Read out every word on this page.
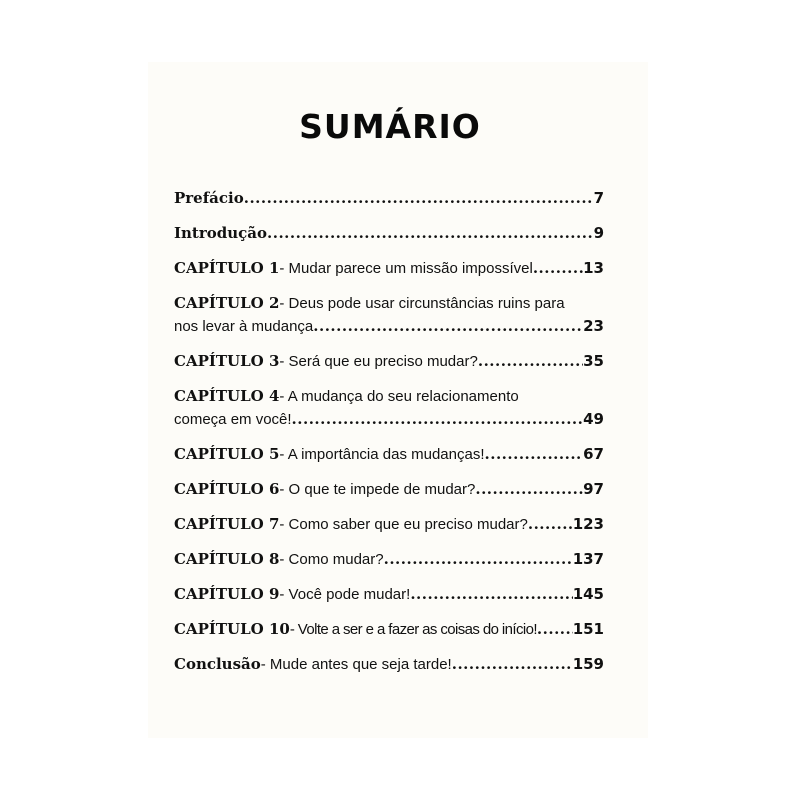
SUMÁRIO
Prefácio .....	7
Introdução .....	9
CAPÍTULO 1 - Mudar parece um missão impossível .....	13
CAPÍTULO 2 - Deus pode usar circunstâncias ruins para
nos levar à mudança .....	23
CAPÍTULO 3 - Será que eu preciso mudar? .....	35
CAPÍTULO 4 - A mudança do seu relacionamento
começa em você! .....	49
CAPÍTULO 5 - A importância das mudanças! .....	67
CAPÍTULO 6 - O que te impede de mudar? .....	97
CAPÍTULO 7 - Como saber que eu preciso mudar? .....	123
CAPÍTULO 8 - Como mudar? .....	137
CAPÍTULO 9 - Você pode mudar! .....	145
CAPÍTULO 10 - Volte a ser e a fazer as coisas do início! ..... 151
Conclusão - Mude antes que seja tarde! .....	159
